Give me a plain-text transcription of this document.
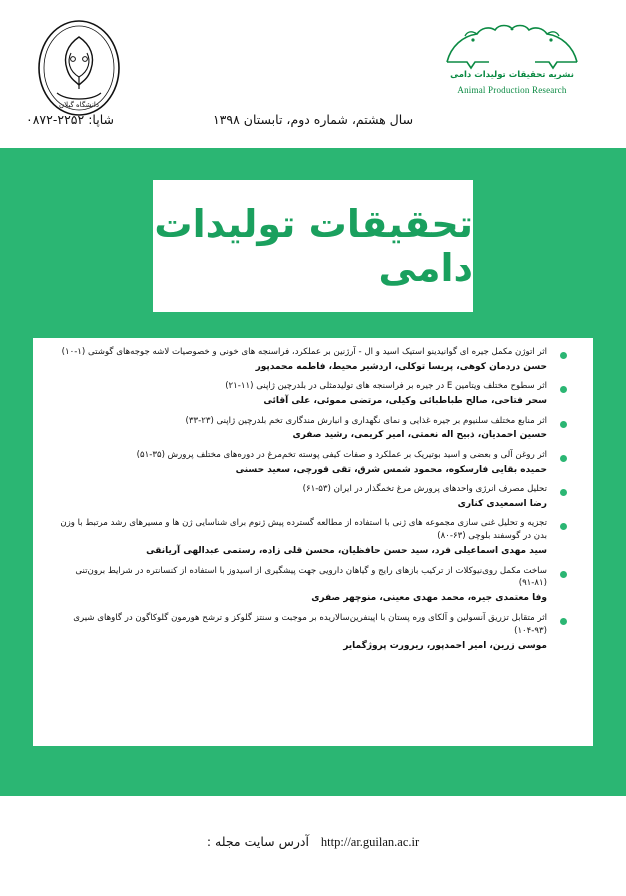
دانشگاه گیلان
نشریه تحقیقات تولیدات دامی
Animal Production Research
سال هشتم، شماره دوم، تابستان ۱۳۹۸
شاپا: ۲۲۵۲-۰۸۷۲
تحقیقات تولیدات دامی
اثر اتوژن مکمل جیره ای گوانیدینو استیک اسید و ال - آرژنین بر عملکرد، فراسنجه های خونی و خصوصیات لاشه جوجه‌های گوشتی (۱-۱۰)
حسن دردمان کوهی، پریسا توکلی، اردشیر محیط، فاطمه محمدپور
اثر سطوح مختلف ویتامین E در جیره بر فراسنجه های تولیدمثلی در بلدرچین ژاپنی (۱۱-۲۱)
سحر فتاحی، صالح طباطبائی وکیلی، مرتضی مموئی، علی آقائی
اثر منابع مختلف سلنیوم بر جیره غذایی و نمای نگهداری و انبارش مندگاری تخم بلدرچین ژاپنی (۲۳-۳۳)
حسین احمدیان، ذبیح اله نعمتی، امیر کریمی، رشید صفری
اثر روغن آلی و بعضی و اسید بوتیریک بر عملکرد و صفات کیفی پوسته تخم‌مرغ در دوره‌های مختلف پرورش (۳۵-۵۱)
حمیده بقایی فارسکوه، محمود شمس شرق، تقی قورچی، سعید حسنی
تحلیل مصرف انرژی واحدهای پرورش مرغ تخمگذار در ایران (۵۳-۶۱)
رضا اسمعیدی کناری
تجزیه و تحلیل غنی سازی مجموعه های ژنی با استفاده از مطالعه گسترده پیش ژنوم برای شناسایی ژن ها و مسیرهای رشد مرتبط با وزن بدن در گوسفند بلوچی (۶۳-۸۰)
سید مهدی اسماعیلی فرد، سید حسن حافظیان، محسن قلی زاده، رستمی عبدالهی آریانقی
ساخت مکمل روی‌نیوکلات از ترکیب بازهای رایج و گیاهان دارویی جهت پیشگیری از اسیدوز با استفاده از کنسانتره در شرایط برون‌تنی (۸۱-۹۱)
وفا معتمدی جیره، محمد مهدی معینی، منوچهر صفری
اثر متقابل تزریق آنسولین و آلکای وره پستان با اپینفرین‌سالاریده بر موجبت و سنتز گلوکز و ترشح هورمون گلوکاگون در گاوهای شیری (۹۳-۱۰۴)
موسی زرین، امیر احمدپور، ریرورت پروژگمایر
http://ar.guilan.ac.ir آدرس سایت مجله :
